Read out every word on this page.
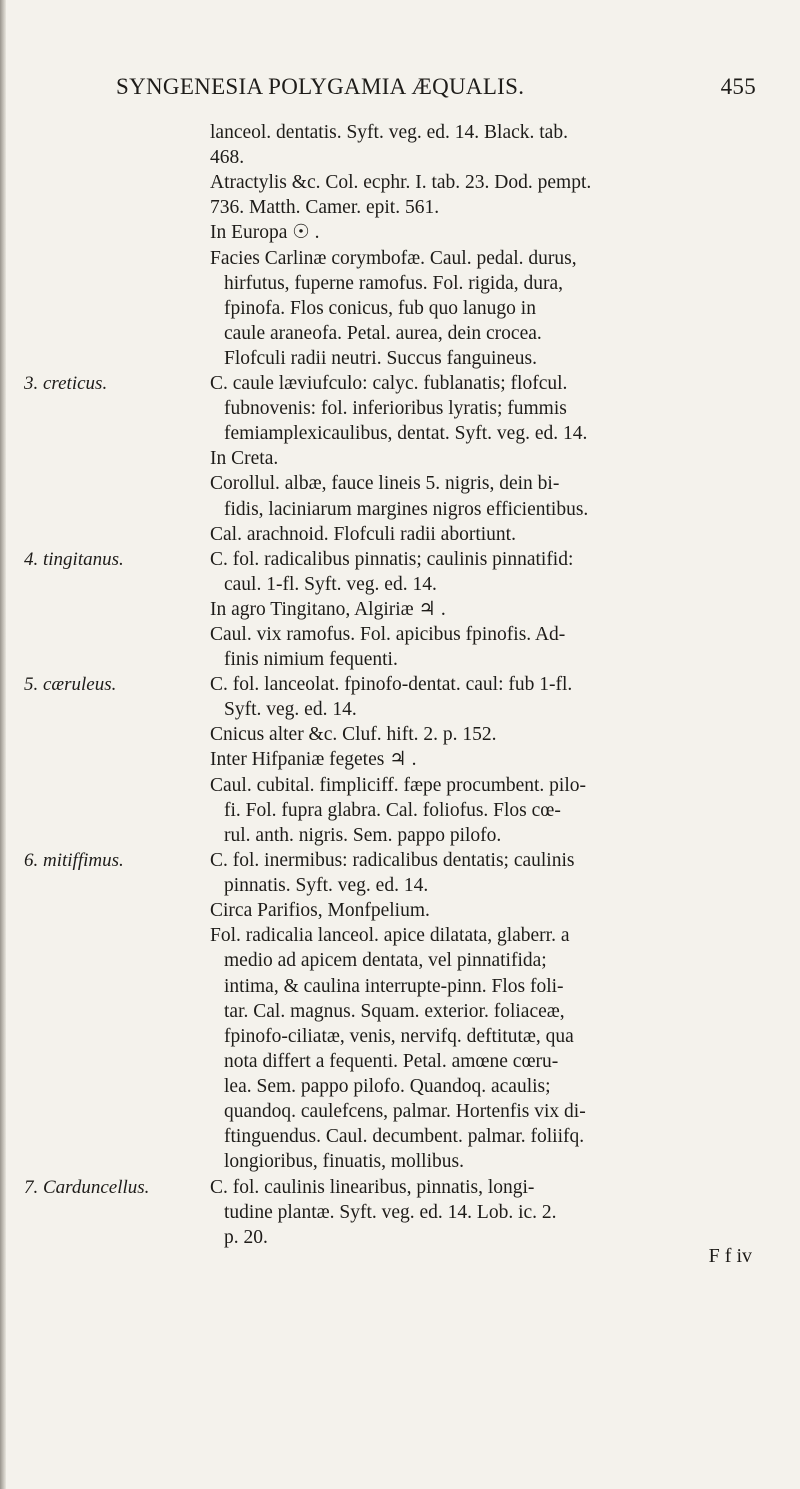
SYNGENESIA POLYGAMIA ÆQUALIS.	455
lanceol. dentatis. Syft. veg. ed. 14. Black. tab.
468.
Atractylis &c. Col. ecphr. I. tab. 23. Dod. pempt.
736. Matth. Camer. epit. 561.
In Europa ☉ .
Facies Carlinæ corymbofæ. Caul. pedal. durus,
hirfutus, fuperne ramofus. Fol. rigida, dura,
fpinofa. Flos conicus, fub quo lanugo in
caule araneofa. Petal. aurea, dein crocea.
Flofculi radii neutri. Succus fanguineus.
3. creticus.	C. caule læviufculo: calyc. fublanatis; flofcul.
fubnovenis: fol. inferioribus lyratis; fummis
femiamplexicaulibus, dentat. Syft. veg. ed. 14.
In Creta.
Corollul. albæ, fauce lineis 5. nigris, dein bi-
fidis, laciniarum margines nigros efficientibus.
Cal. arachnoid. Flofculi radii abortiunt.
4. tingitanus.	C. fol. radicalibus pinnatis; caulinis pinnatifid:
caul. 1-fl. Syft. veg. ed. 14.
In agro Tingitano, Algiriæ ♃ .
Caul. vix ramofus. Fol. apicibus fpinofis. Ad-
finis nimium fequenti.
5. cæruleus.	C. fol. lanceolat. fpinofo-dentat. caul: fub 1-fl.
Syft. veg. ed. 14.
Cnicus alter &c. Cluf. hift. 2. p. 152.
Inter Hifpaniæ fegetes ♃ .
Caul. cubital. fimpliciff. fæpe procumbent. pilo-
fi. Fol. fupra glabra. Cal. foliofus. Flos cœ-
rul. anth. nigris. Sem. pappo pilofo.
6. mitiffimus.	C. fol. inermibus: radicalibus dentatis; caulinis
pinnatis. Syft. veg. ed. 14.
Circa Parifios, Monfpelium.
Fol. radicalia lanceol. apice dilatata, glaberr. a
medio ad apicem dentata, vel pinnatifida;
intima, & caulina interrupte-pinn. Flos foli-
tar. Cal. magnus. Squam. exterior. foliaceæ,
fpinofo-ciliatæ, venis, nervifq. deftitutæ, qua
nota differt a fequenti. Petal. amœne cœru-
lea. Sem. pappo pilofo. Quandoq. acaulis;
quandoq. caulefcens, palmar. Hortenfis vix di-
ftinguendus. Caul. decumbent. palmar. foliifq.
longioribus, finuatis, mollibus.
7. Carduncellus.	C. fol. caulinis linearibus, pinnatis, longi-
tudine plantæ. Syft. veg. ed. 14. Lob. ic. 2.
p. 20.
F f iv
